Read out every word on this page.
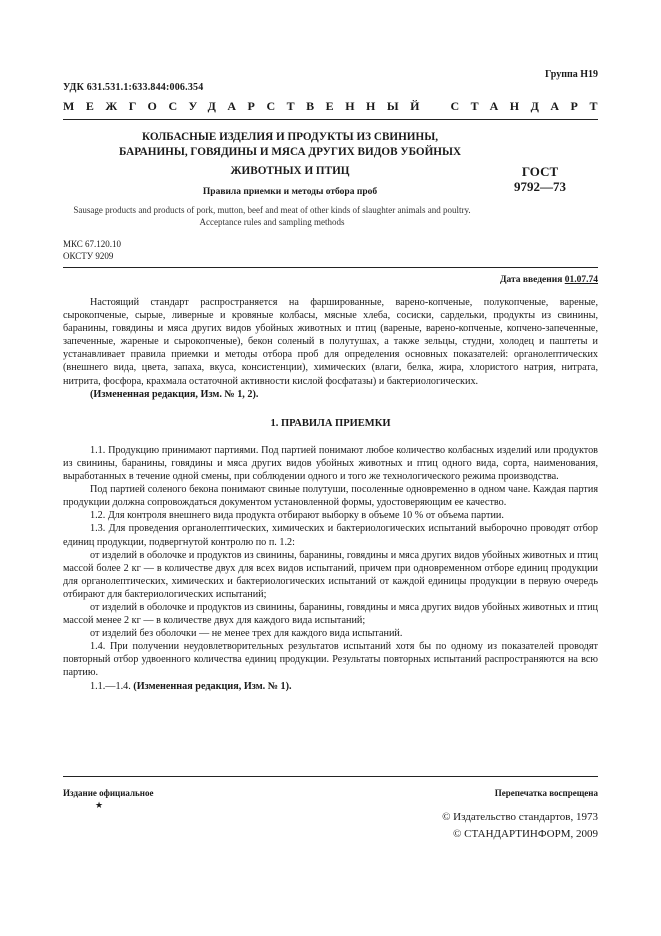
Группа Н19
УДК 631.531.1:633.844:006.354
МЕЖГОСУДАРСТВЕННЫЙ СТАНДАРТ
КОЛБАСНЫЕ ИЗДЕЛИЯ И ПРОДУКТЫ ИЗ СВИНИНЫ,
БАРАНИНЫ, ГОВЯДИНЫ И МЯСА ДРУГИХ ВИДОВ УБОЙНЫХ
ЖИВОТНЫХ И ПТИЦ	ГОСТ
9792—73
Правила приемки и методы отбора проб
Sausage products and products of pork, mutton, beef and meat of other kinds of slaughter animals and poultry. Acceptance rules and sampling methods
МКС 67.120.10
ОКСТУ 9209
Дата введения 01.07.74

Настоящий стандарт распространяется на фаршированные, варено-копченые, полукопченые, вареные, сырокопченые, сырые, ливерные и кровяные колбасы, мясные хлеба, сосиски, сардельки, продукты из свинины, баранины, говядины и мяса других видов убойных животных и птиц (вареные, варено-копченые, копчено-запеченные, запеченные, жареные и сырокопченые), бекон соленый в полутушах, а также зельцы, студни, холодец и паштеты и устанавливает правила приемки и методы отбора проб для определения основных показателей: органолептических (внешнего вида, цвета, запаха, вкуса, консистенции), химических (влаги, белка, жира, хлористого натрия, нитрата, нитрита, фосфора, крахмала остаточной активности кислой фосфатазы) и бактериологических.

(Измененная редакция, Изм. № 1, 2).

1. ПРАВИЛА ПРИЕМКИ

1.1. Продукцию принимают партиями. Под партией понимают любое количество колбасных изделий или продуктов из свинины, баранины, говядины и мяса других видов убойных животных и птиц одного вида, сорта, наименования, выработанных в течение одной смены, при соблюдении одного и того же технологического режима производства.

Под партией соленого бекона понимают свиные полутуши, посоленные одновременно в одном чане. Каждая партия продукции должна сопровождаться документом установленной формы, удостоверяющим ее качество.

1.2. Для контроля внешнего вида продукта отбирают выборку в объеме 10 % от объема партии.

1.3. Для проведения органолептических, химических и бактериологических испытаний выборочно проводят отбор единиц продукции, подвергнутой контролю по п. 1.2:

от изделий в оболочке и продуктов из свинины, баранины, говядины и мяса других видов убойных животных и птиц массой более 2 кг — в количестве двух для всех видов испытаний, причем при одновременном отборе единиц продукции для органолептических, химических и бактериологических испытаний от каждой единицы продукции в первую очередь отбирают для бактериологических испытаний;

от изделий в оболочке и продуктов из свинины, баранины, говядины и мяса других видов убойных животных и птиц массой менее 2 кг — в количестве двух для каждого вида испытаний;

от изделий без оболочки — не менее трех для каждого вида испытаний.

1.4. При получении неудовлетворительных результатов испытаний хотя бы по одному из показателей проводят повторный отбор удвоенного количества единиц продукции. Результаты повторных испытаний распространяются на всю партию.

1.1.—1.4. (Измененная редакция, Изм. № 1).

Издание официальное
★
Перепечатка воспрещена
© Издательство стандартов, 1973
© СТАНДАРТИНФОРМ, 2009
